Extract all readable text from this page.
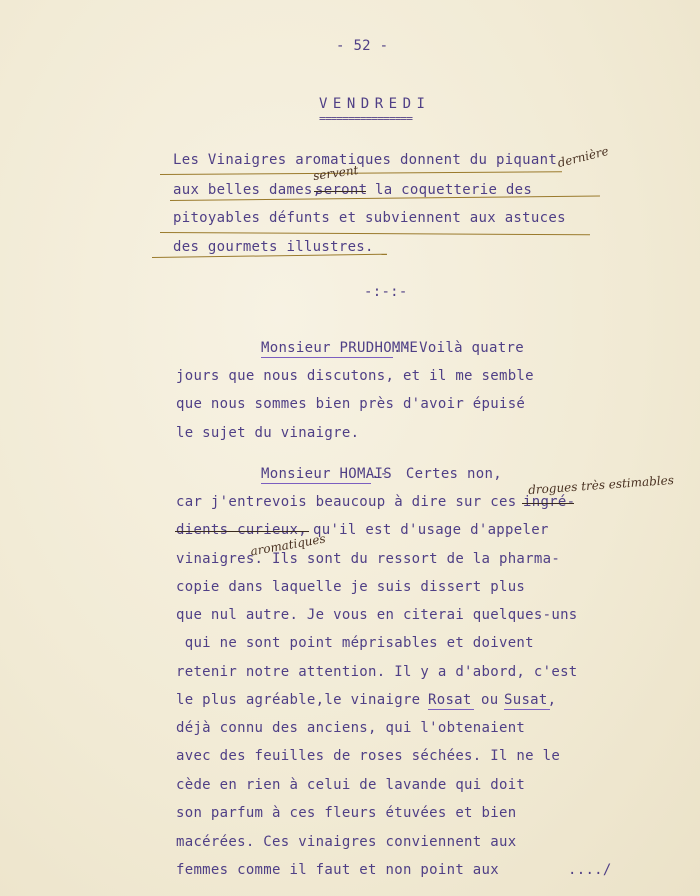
- 52 -
VENDREDI
================
Les Vinaigres aromatiques donnent du piquant
servent
dernière
aux belles dames,
seront la coquetterie des
pitoyables défunts et subviennent aux astuces
des gourmets illustres.
-:-:-
Monsieur PRUDHOMME
.- Voilà quatre
jours que nous discutons, et il me semble
que nous sommes bien près d'avoir épuisé
le sujet du vinaigre.
Monsieur HOMAIS
.-  Certes non, drogues très estimables
car j'entrevois beaucoup à dire sur ces ingré-
dients curieux, qu'il est d'usage d'appeler
aromatiques
vinaigres. Ils sont du ressort de la pharma-
copie dans laquelle je suis dissert plus
que nul autre. Je vous en citerai quelques-uns
qui ne sont point méprisables et doivent
retenir notre attention. Il y a d'abord, c'est
le plus agréable,le vinaigre Rosat ou Susat,
déjà connu des anciens, qui l'obtenaient
avec des feuilles de roses séchées. Il ne le
cède en rien à celui de lavande qui doit
son parfum à ces fleurs étuvées et bien
macérées. Ces vinaigres conviennent aux
femmes comme il faut et non point aux	..../
